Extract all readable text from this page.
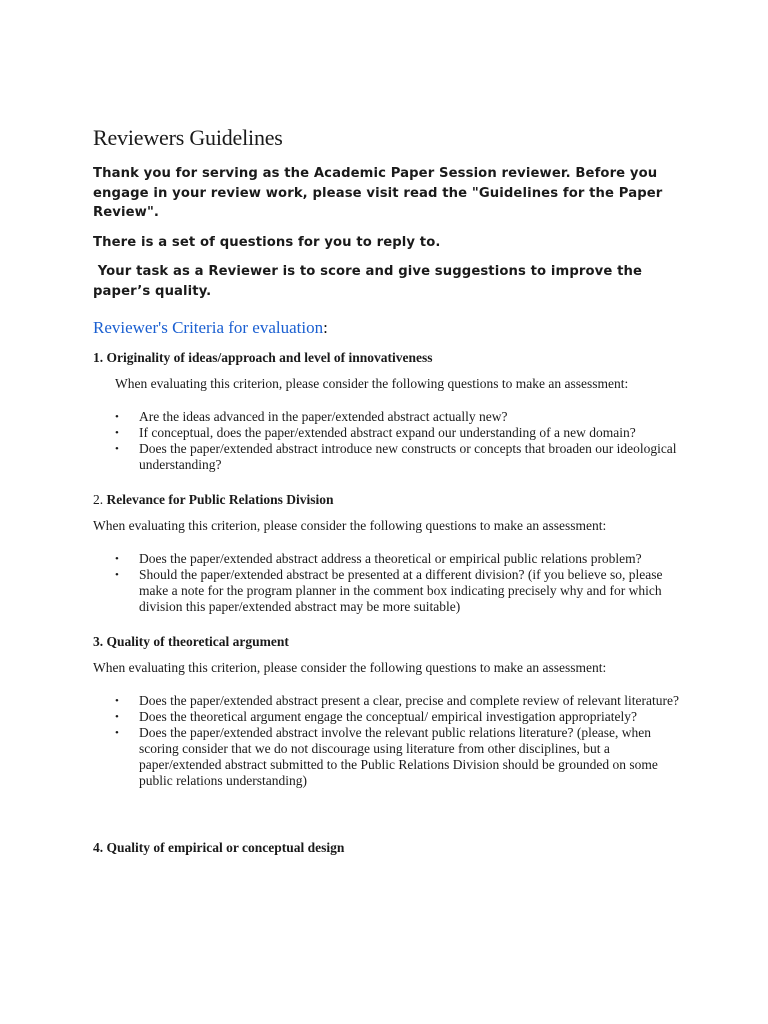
Reviewers Guidelines

Thank you for serving as the Academic Paper Session reviewer. Before you engage in your review work, please visit read the "Guidelines for the Paper Review".

There is a set of questions for you to reply to.

Your task as a Reviewer is to score and give suggestions to improve the paper’s quality.

Reviewer's Criteria for evaluation:

1. Originality of ideas/approach and level of innovativeness

When evaluating this criterion, please consider the following questions to make an assessment:

• Are the ideas advanced in the paper/extended abstract actually new?
• If conceptual, does the paper/extended abstract expand our understanding of a new domain?
• Does the paper/extended abstract introduce new constructs or concepts that broaden our ideological understanding?

2. Relevance for Public Relations Division

When evaluating this criterion, please consider the following questions to make an assessment:

• Does the paper/extended abstract address a theoretical or empirical public relations problem?
• Should the paper/extended abstract be presented at a different division? (if you believe so, please make a note for the program planner in the comment box indicating precisely why and for which division this paper/extended abstract may be more suitable)

3. Quality of theoretical argument

When evaluating this criterion, please consider the following questions to make an assessment:

• Does the paper/extended abstract present a clear, precise and complete review of relevant literature?
• Does the theoretical argument engage the conceptual/ empirical investigation appropriately?
• Does the paper/extended abstract involve the relevant public relations literature? (please, when scoring consider that we do not discourage using literature from other disciplines, but a paper/extended abstract submitted to the Public Relations Division should be grounded on some public relations understanding)

4. Quality of empirical or conceptual design
